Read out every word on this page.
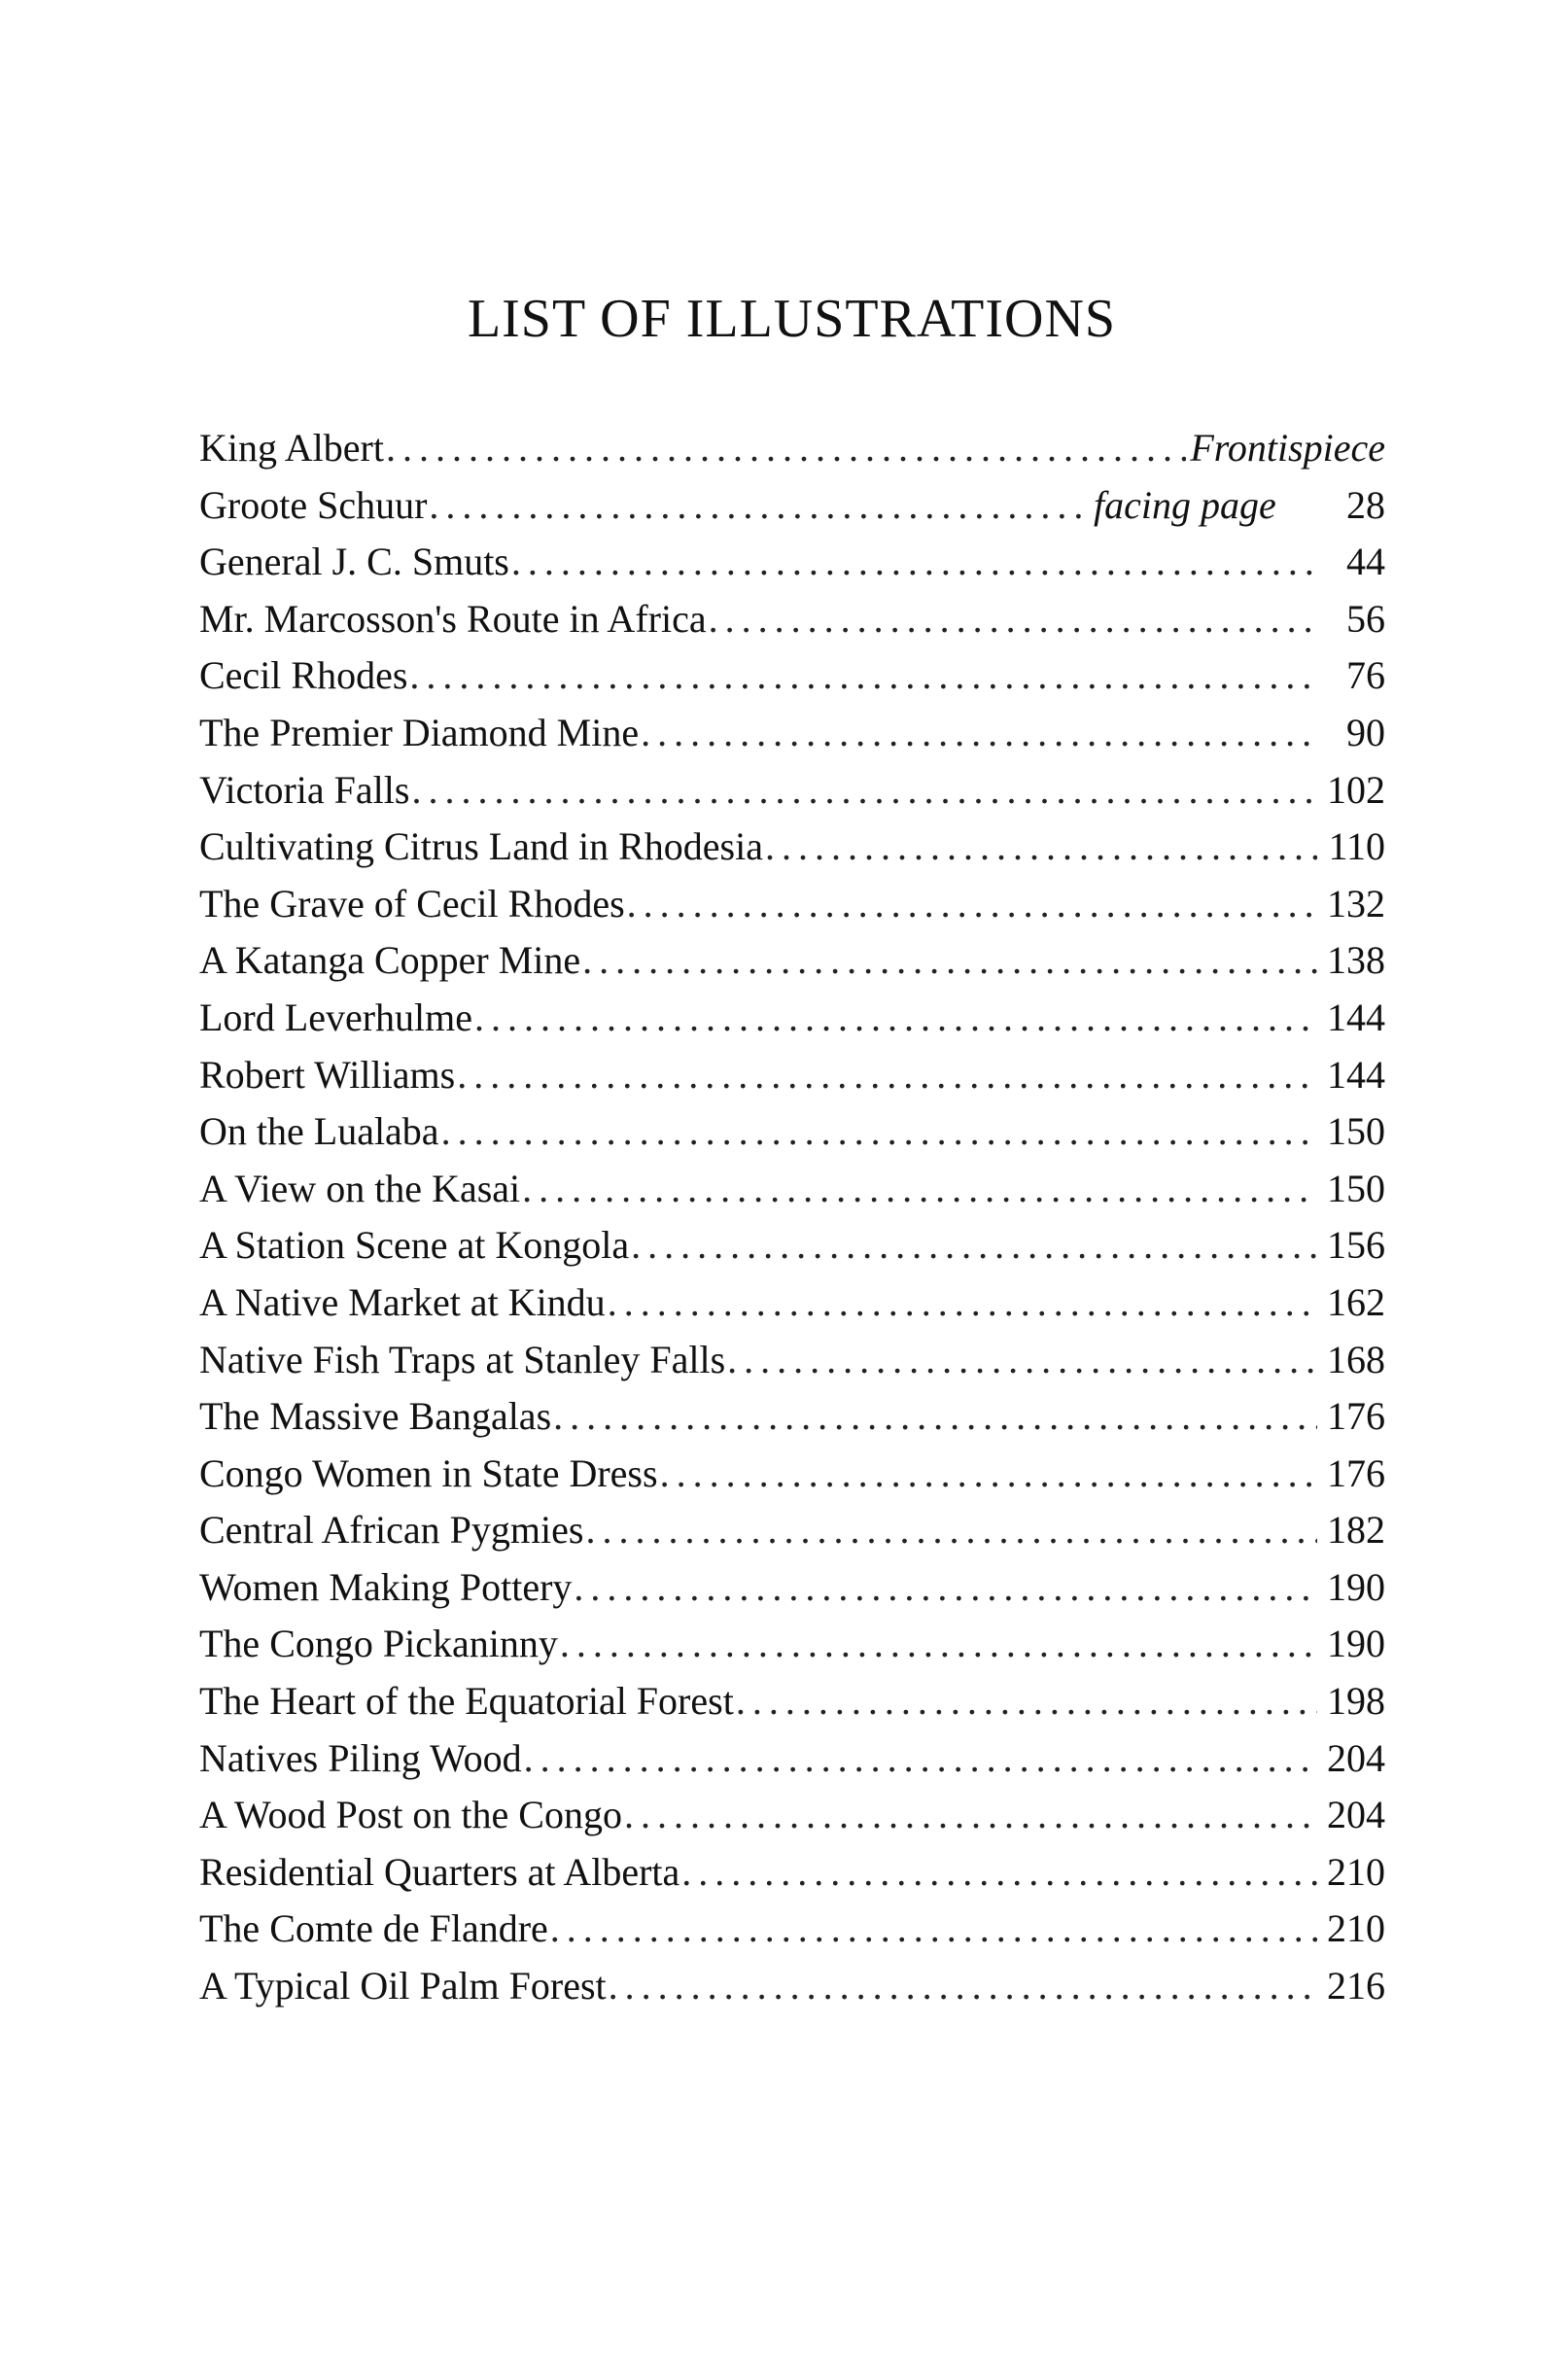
LIST OF ILLUSTRATIONS
King Albert .....	Frontispiece
Groote Schuur .....	facing page	28
General J. C. Smuts .....	44
Mr. Marcosson's Route in Africa .....	56
Cecil Rhodes .....	76
The Premier Diamond Mine .....	90
Victoria Falls .....	102
Cultivating Citrus Land in Rhodesia .....	110
The Grave of Cecil Rhodes .....	132
A Katanga Copper Mine .....	138
Lord Leverhulme .....	144
Robert Williams .....	144
On the Lualaba .....	150
A View on the Kasai .....	150
A Station Scene at Kongola .....	156
A Native Market at Kindu .....	162
Native Fish Traps at Stanley Falls .....	168
The Massive Bangalas .....	176
Congo Women in State Dress .....	176
Central African Pygmies .....	182
Women Making Pottery .....	190
The Congo Pickaninny .....	190
The Heart of the Equatorial Forest .....	198
Natives Piling Wood .....	204
A Wood Post on the Congo .....	204
Residential Quarters at Alberta .....	210
The Comte de Flandre .....	210
A Typical Oil Palm Forest .....	216
